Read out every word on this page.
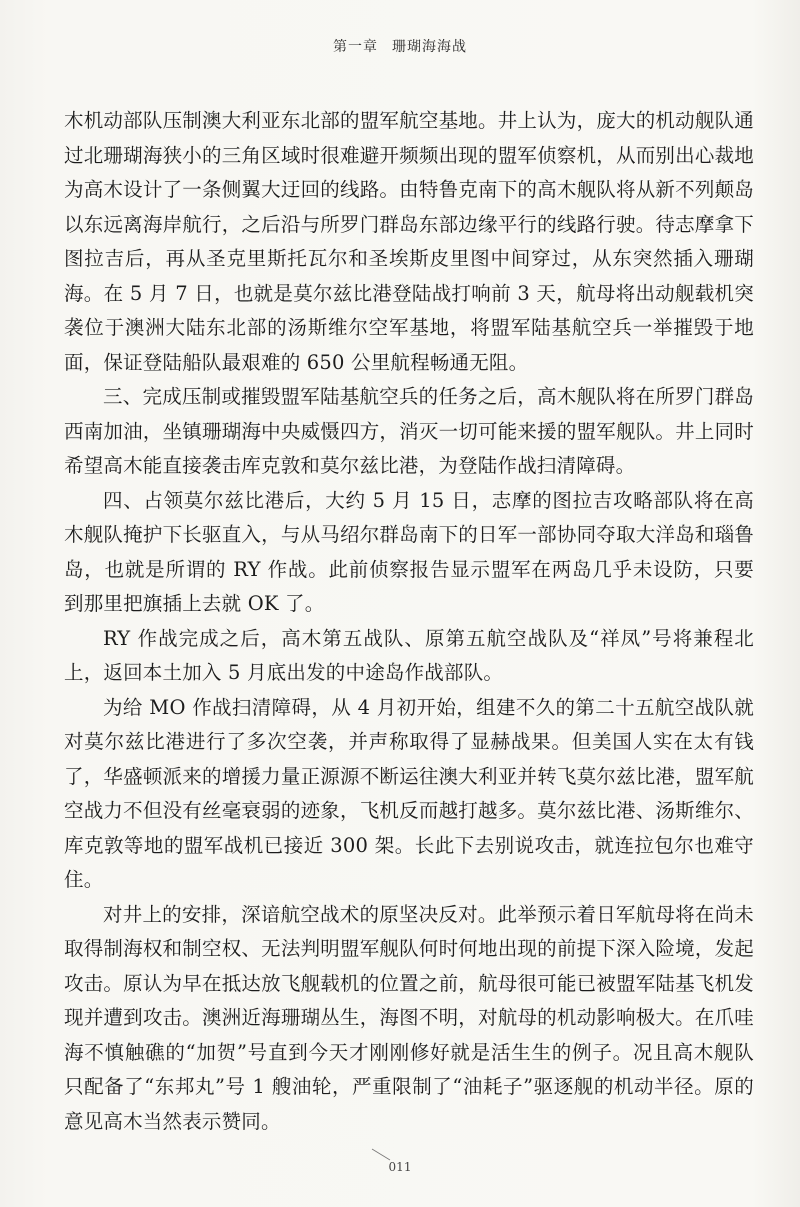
第一章 珊瑚海海战

木机动部队压制澳大利亚东北部的盟军航空基地。井上认为，庞大的机动舰队通过北珊瑚海狭小的三角区域时很难避开频频出现的盟军侦察机，从而别出心裁地为高木设计了一条侧翼大迂回的线路。由特鲁克南下的高木舰队将从新不列颠岛以东远离海岸航行，之后沿与所罗门群岛东部边缘平行的线路行驶。待志摩拿下图拉吉后，再从圣克里斯托瓦尔和圣埃斯皮里图中间穿过，从东突然插入珊瑚海。在 5 月 7 日，也就是莫尔兹比港登陆战打响前 3 天，航母将出动舰载机突袭位于澳洲大陆东北部的汤斯维尔空军基地，将盟军陆基航空兵一举摧毁于地面，保证登陆船队最艰难的 650 公里航程畅通无阻。

三、完成压制或摧毁盟军陆基航空兵的任务之后，高木舰队将在所罗门群岛西南加油，坐镇珊瑚海中央威慑四方，消灭一切可能来援的盟军舰队。井上同时希望高木能直接袭击库克敦和莫尔兹比港，为登陆作战扫清障碍。

四、占领莫尔兹比港后，大约 5 月 15 日，志摩的图拉吉攻略部队将在高木舰队掩护下长驱直入，与从马绍尔群岛南下的日军一部协同夺取大洋岛和瑙鲁岛，也就是所谓的 RY 作战。此前侦察报告显示盟军在两岛几乎未设防，只要到那里把旗插上去就 OK 了。

RY 作战完成之后，高木第五战队、原第五航空战队及“祥凤”号将兼程北上，返回本土加入 5 月底出发的中途岛作战部队。

为给 MO 作战扫清障碍，从 4 月初开始，组建不久的第二十五航空战队就对莫尔兹比港进行了多次空袭，并声称取得了显赫战果。但美国人实在太有钱了，华盛顿派来的增援力量正源源不断运往澳大利亚并转飞莫尔兹比港，盟军航空战力不但没有丝毫衰弱的迹象，飞机反而越打越多。莫尔兹比港、汤斯维尔、库克敦等地的盟军战机已接近 300 架。长此下去别说攻击，就连拉包尔也难守住。

对井上的安排，深谙航空战术的原坚决反对。此举预示着日军航母将在尚未取得制海权和制空权、无法判明盟军舰队何时何地出现的前提下深入险境，发起攻击。原认为早在抵达放飞舰载机的位置之前，航母很可能已被盟军陆基飞机发现并遭到攻击。澳洲近海珊瑚丛生，海图不明，对航母的机动影响极大。在爪哇海不慎触礁的“加贺”号直到今天才刚刚修好就是活生生的例子。况且高木舰队只配备了“东邦丸”号 1 艘油轮，严重限制了“油耗子”驱逐舰的机动半径。原的意见高木当然表示赞同。

011
